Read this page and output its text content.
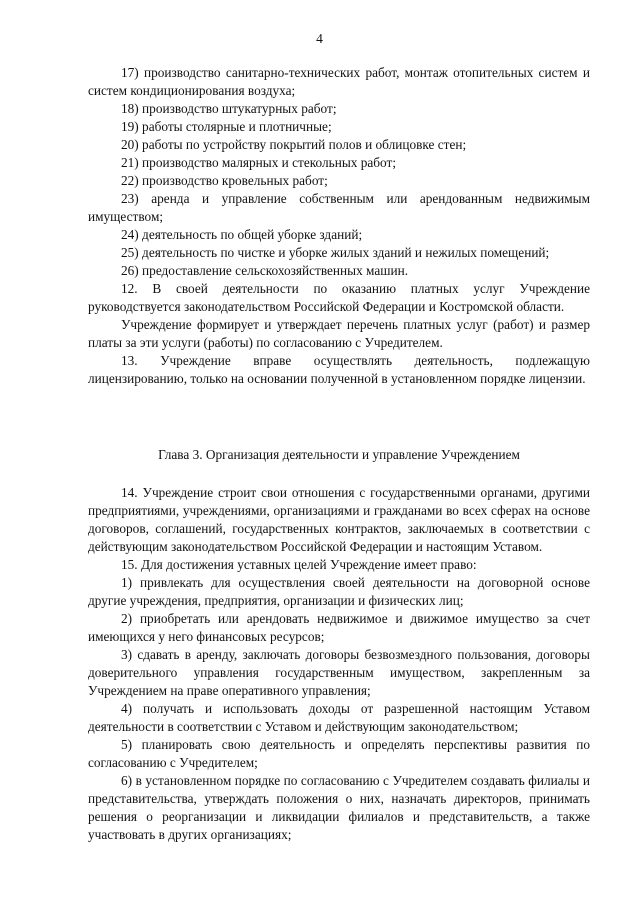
4

17) производство санитарно-технических работ, монтаж отопительных систем и систем кондиционирования воздуха;

18) производство штукатурных работ;

19) работы столярные и плотничные;

20) работы по устройству покрытий полов и облицовке стен;

21) производство малярных и стекольных работ;

22) производство кровельных работ;

23) аренда и управление собственным или арендованным недвижимым имуществом;

24) деятельность по общей уборке зданий;

25) деятельность по чистке и уборке жилых зданий и нежилых помещений;

26) предоставление сельскохозяйственных машин.

12. В своей деятельности по оказанию платных услуг Учреждение руководствуется законодательством Российской Федерации и Костромской области.

Учреждение формирует и утверждает перечень платных услуг (работ) и размер платы за эти услуги (работы) по согласованию с Учредителем.

13. Учреждение вправе осуществлять деятельность, подлежащую лицензированию, только на основании полученной в установленном порядке лицензии.

Глава 3. Организация деятельности и управление Учреждением

14. Учреждение строит свои отношения с государственными органами, другими предприятиями, учреждениями, организациями и гражданами во всех сферах на основе договоров, соглашений, государственных контрактов, заключаемых в соответствии с действующим законодательством Российской Федерации и настоящим Уставом.

15. Для достижения уставных целей Учреждение имеет право:

1) привлекать для осуществления своей деятельности на договорной основе другие учреждения, предприятия, организации и физических лиц;

2) приобретать или арендовать недвижимое и движимое имущество за счет имеющихся у него финансовых ресурсов;

3) сдавать в аренду, заключать договоры безвозмездного пользования, договоры доверительного управления государственным имуществом, закрепленным за Учреждением на праве оперативного управления;

4) получать и использовать доходы от разрешенной настоящим Уставом деятельности в соответствии с Уставом и действующим законодательством;

5) планировать свою деятельность и определять перспективы развития по согласованию с Учредителем;

6) в установленном порядке по согласованию с Учредителем создавать филиалы и представительства, утверждать положения о них, назначать директоров, принимать решения о реорганизации и ликвидации филиалов и представительств, а также участвовать в других организациях;
